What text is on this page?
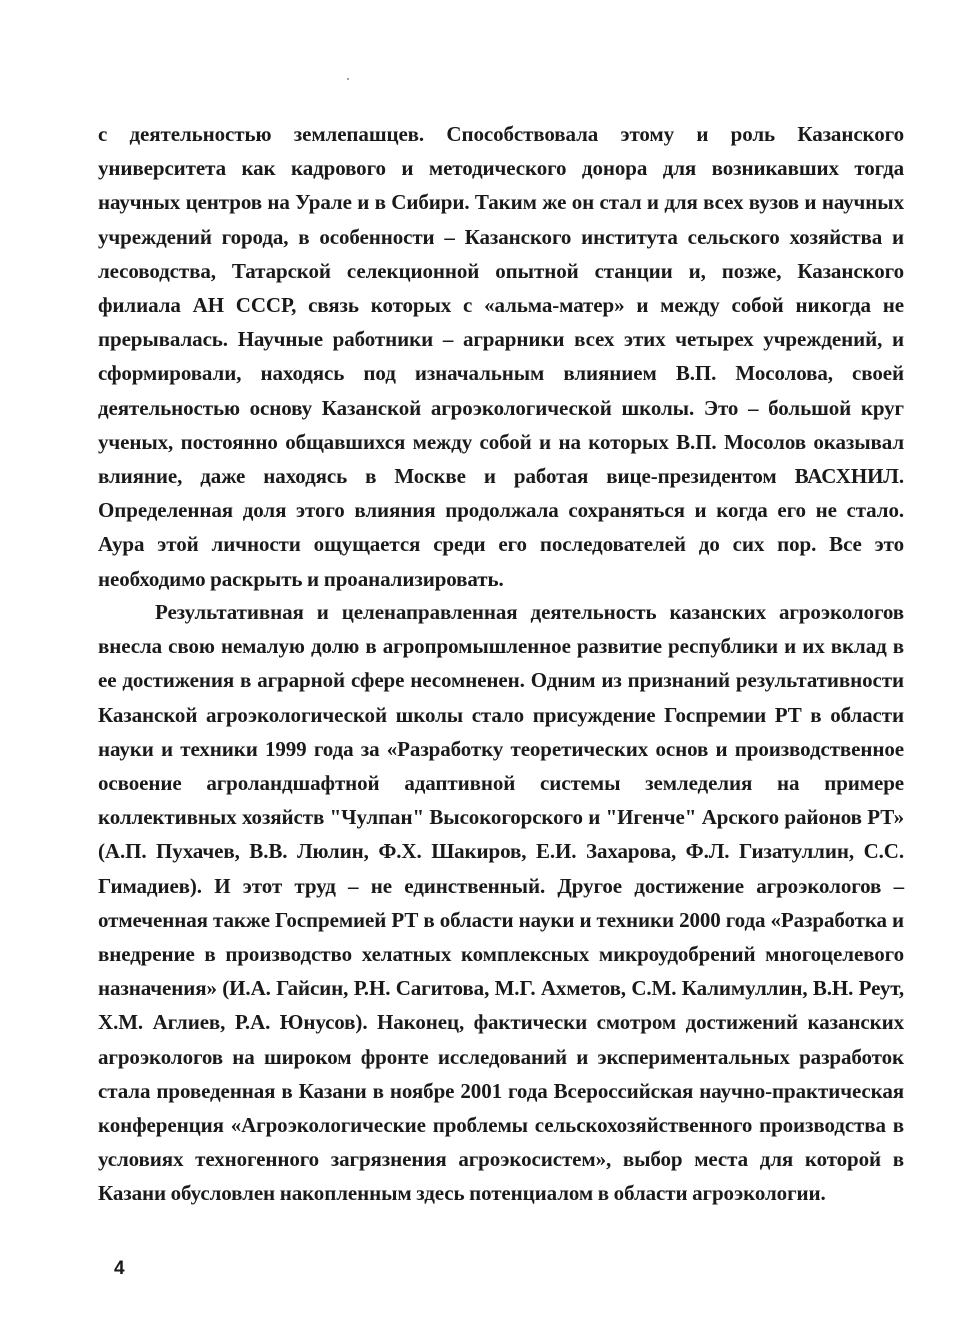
с деятельностью землепашцев. Способствовала этому и роль Казанского университета как кадрового и методического донора для возникавших тогда научных центров на Урале и в Сибири. Таким же он стал и для всех вузов и научных учреждений города, в особенности – Казанского института сельского хозяйства и лесоводства, Татарской селекционной опытной станции и, позже, Казанского филиала АН СССР, связь которых с «альма-матер» и между собой никогда не прерывалась. Научные работники – аграрники всех этих четырех учреждений, и сформировали, находясь под изначальным влиянием В.П. Мосолова, своей деятельностью основу Казанской агроэкологической школы. Это – большой круг ученых, постоянно общавшихся между собой и на которых В.П. Мосолов оказывал влияние, даже находясь в Москве и работая вице-президентом ВАСХНИЛ. Определенная доля этого влияния продолжала сохраняться и когда его не стало. Аура этой личности ощущается среди его последователей до сих пор. Все это необходимо раскрыть и проанализировать.

Результативная и целенаправленная деятельность казанских агроэкологов внесла свою немалую долю в агропромышленное развитие республики и их вклад в ее достижения в аграрной сфере несомненен. Одним из признаний результативности Казанской агроэкологической школы стало присуждение Госпремии РТ в области науки и техники 1999 года за «Разработку теоретических основ и производственное освоение агроландшафтной адаптивной системы земледелия на примере коллективных хозяйств "Чулпан" Высокогорского и "Игенче" Арского районов РТ» (А.П. Пухачев, В.В. Люлин, Ф.Х. Шакиров, Е.И. Захарова, Ф.Л. Гизатуллин, С.С. Гимадиев). И этот труд – не единственный. Другое достижение агроэкологов – отмеченная также Госпремией РТ в области науки и техники 2000 года «Разработка и внедрение в производство хелатных комплексных микроудобрений многоцелевого назначения» (И.А. Гайсин, Р.Н. Сагитова, М.Г. Ахметов, С.М. Калимуллин, В.Н. Реут, Х.М. Аглиев, Р.А. Юнусов). Наконец, фактически смотром достижений казанских агроэкологов на широком фронте исследований и экспериментальных разработок стала проведенная в Казани в ноябре 2001 года Всероссийская научно-практическая конференция «Агроэкологические проблемы сельскохозяйственного производства в условиях техногенного загрязнения агроэкосистем», выбор места для которой в Казани обусловлен накопленным здесь потенциалом в области агроэкологии.

4
